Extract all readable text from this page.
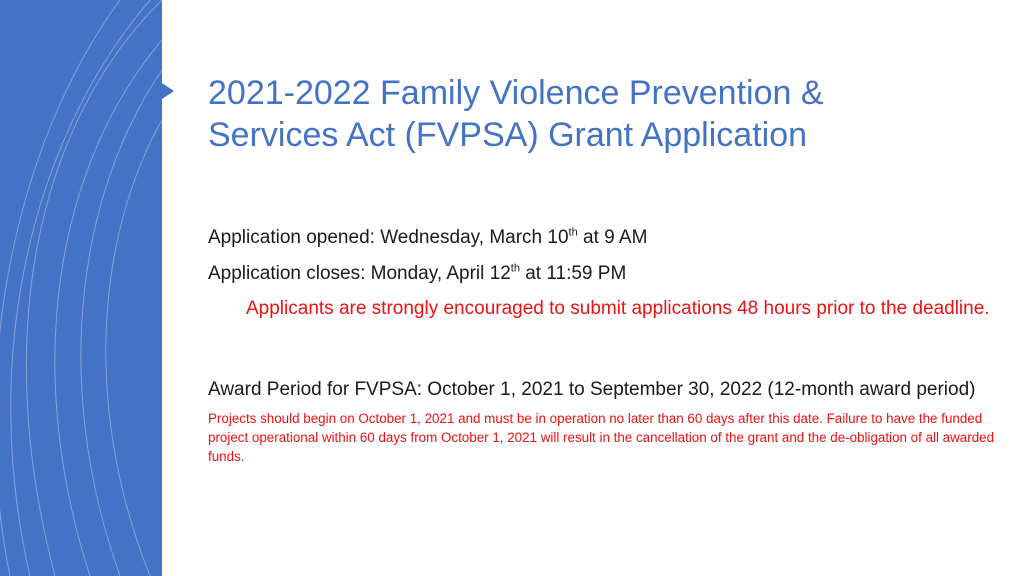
2021-2022 Family Violence Prevention &
Services Act (FVPSA) Grant Application

Application opened: Wednesday, March 10th at 9 AM

Application closes: Monday, April 12th at 11:59 PM

Applicants are strongly encouraged to submit applications 48 hours prior to the deadline.

Award Period for FVPSA: October 1, 2021 to September 30, 2022 (12-month award period)

Projects should begin on October 1, 2021 and must be in operation no later than 60 days after this date. Failure to have the funded project operational within 60 days from October 1, 2021 will result in the cancellation of the grant and the de-obligation of all awarded funds.
